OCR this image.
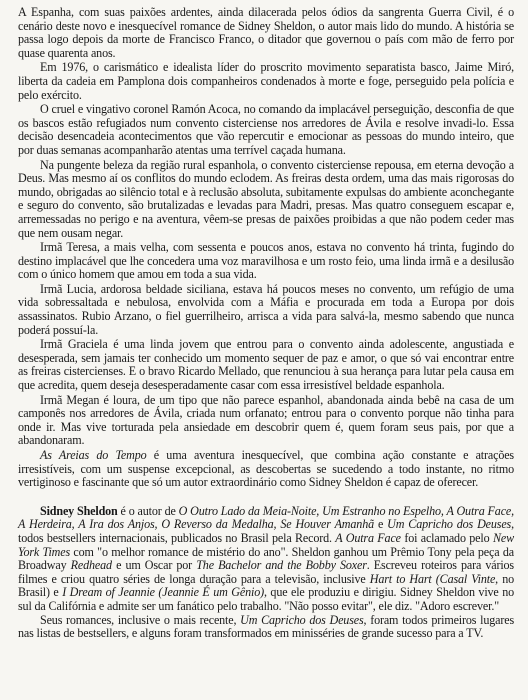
A Espanha, com suas paixões ardentes, ainda dilacerada pelos ódios da sangrenta Guerra Civil, é o cenário deste novo e inesquecível romance de Sidney Sheldon, o autor mais lido do mundo. A história se passa logo depois da morte de Francisco Franco, o ditador que governou o país com mão de ferro por quase quarenta anos.

Em 1976, o carismático e idealista líder do proscrito movimento separatista basco, Jaime Miró, liberta da cadeia em Pamplona dois companheiros condenados à morte e foge, perseguido pela polícia e pelo exército.

O cruel e vingativo coronel Ramón Acoca, no comando da implacável perseguição, desconfia de que os bascos estão refugiados num convento cisterciense nos arredores de Ávila e resolve invadi-lo. Essa decisão desencadeia acontecimentos que vão repercutir e emocionar as pessoas do mundo inteiro, que por duas semanas acompanharão atentas uma terrível caçada humana.

Na pungente beleza da região rural espanhola, o convento cisterciense repousa, em eterna devoção a Deus. Mas mesmo aí os conflitos do mundo eclodem. As freiras desta ordem, uma das mais rigorosas do mundo, obrigadas ao silêncio total e à reclusão absoluta, subitamente expulsas do ambiente aconchegante e seguro do convento, são brutalizadas e levadas para Madri, presas. Mas quatro conseguem escapar e, arremessadas no perigo e na aventura, vêem-se presas de paixões proibidas a que não podem ceder mas que nem ousam negar.

Irmã Teresa, a mais velha, com sessenta e poucos anos, estava no convento há trinta, fugindo do destino implacável que lhe concedera uma voz maravilhosa e um rosto feio, uma linda irmã e a desilusão com o único homem que amou em toda a sua vida.

Irmã Lucia, ardorosa beldade siciliana, estava há poucos meses no convento, um refúgio de uma vida sobressaltada e nebulosa, envolvida com a Máfia e procurada em toda a Europa por dois assassinatos. Rubio Arzano, o fiel guerrilheiro, arrisca a vida para salvá-la, mesmo sabendo que nunca poderá possuí-la.

Irmã Graciela é uma linda jovem que entrou para o convento ainda adolescente, angustiada e desesperada, sem jamais ter conhecido um momento sequer de paz e amor, o que só vai encontrar entre as freiras cistercienses. E o bravo Ricardo Mellado, que renunciou à sua herança para lutar pela causa em que acredita, quem deseja desesperadamente casar com essa irresistível beldade espanhola.

Irmã Megan é loura, de um tipo que não parece espanhol, abandonada ainda bebê na casa de um camponês nos arredores de Ávila, criada num orfanato; entrou para o convento porque não tinha para onde ir. Mas vive torturada pela ansiedade em descobrir quem é, quem foram seus pais, por que a abandonaram.

As Areias do Tempo é uma aventura inesquecível, que combina ação constante e atrações irresistíveis, com um suspense excepcional, as descobertas se sucedendo a todo instante, no ritmo vertiginoso e fascinante que só um autor extraordinário como Sidney Sheldon é capaz de oferecer.

Sidney Sheldon é o autor de O Outro Lado da Meia-Noite, Um Estranho no Espelho, A Outra Face, A Herdeira, A Ira dos Anjos, O Reverso da Medalha, Se Houver Amanhã e Um Capricho dos Deuses, todos bestsellers internacionais, publicados no Brasil pela Record. A Outra Face foi aclamado pelo New York Times com "o melhor romance de mistério do ano". Sheldon ganhou um Prêmio Tony pela peça da Broadway Redhead e um Oscar por The Bachelor and the Bobby Soxer. Escreveu roteiros para vários filmes e criou quatro séries de longa duração para a televisão, inclusive Hart to Hart (Casal Vinte, no Brasil) e I Dream of Jeannie (Jeannie É um Gênio), que ele produziu e dirigiu. Sidney Sheldon vive no sul da Califórnia e admite ser um fanático pelo trabalho. "Não posso evitar", ele diz. "Adoro escrever."

Seus romances, inclusive o mais recente, Um Capricho dos Deuses, foram todos primeiros lugares nas listas de bestsellers, e alguns foram transformados em minisséries de grande sucesso para a TV.
